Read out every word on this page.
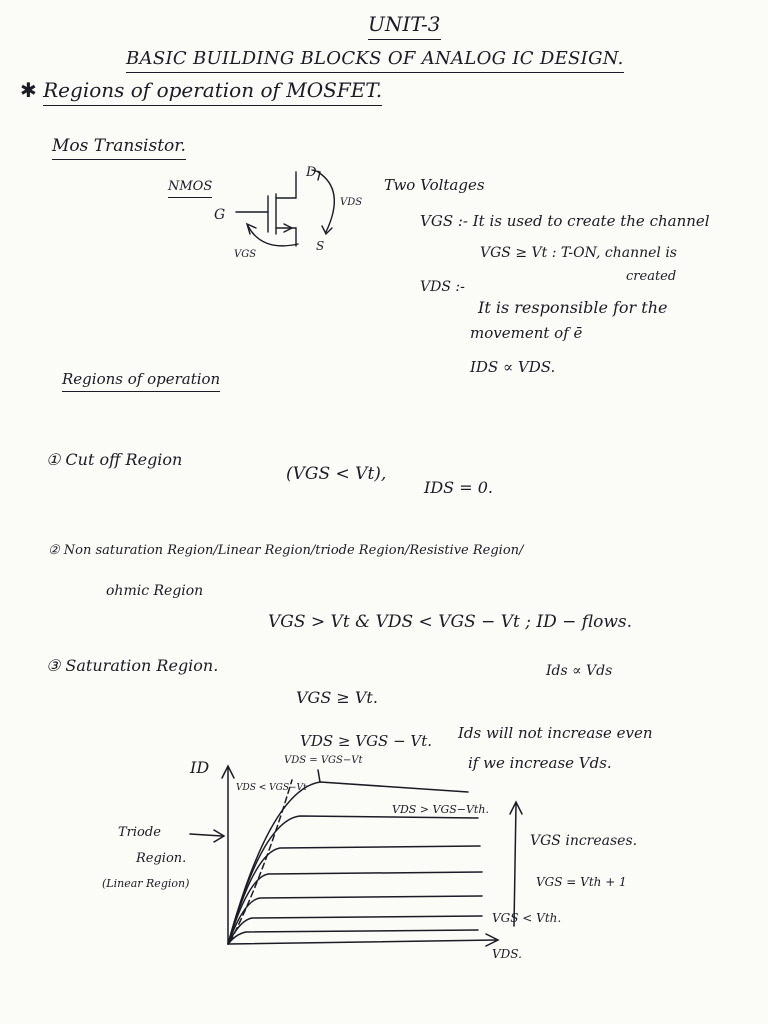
UNIT-3
BASIC BUILDING BLOCKS OF ANALOG IC DESIGN.
✱ Regions of operation of MOSFET.
Mos Transistor.
NMOS
D
G
S
VDS
VGS
Two Voltages
VGS :- It is used to create the channel
VGS ≥ Vt : T-ON, channel is
created
VDS :-
It is responsible for the
movement of ē
IDS ∝ VDS.
Regions of operation
① Cut off Region
(VGS < Vt),
IDS = 0.
② Non saturation Region/Linear Region/triode Region/Resistive Region/
ohmic Region
VGS > Vt & VDS < VGS − Vt ; ID − flows.
③ Saturation Region.	Ids ∝ Vds
VGS ≥ Vt.
VDS ≥ VGS − Vt. Ids will not increase even
if we increase Vds.
ID
VDS.
VDS < VGS−Vt
VDS = VGS−Vt
VDS > VGS−Vth.
Triode
Region.
(Linear Region)
VGS increases.
VGS = Vth + 1
VGS < Vth.
